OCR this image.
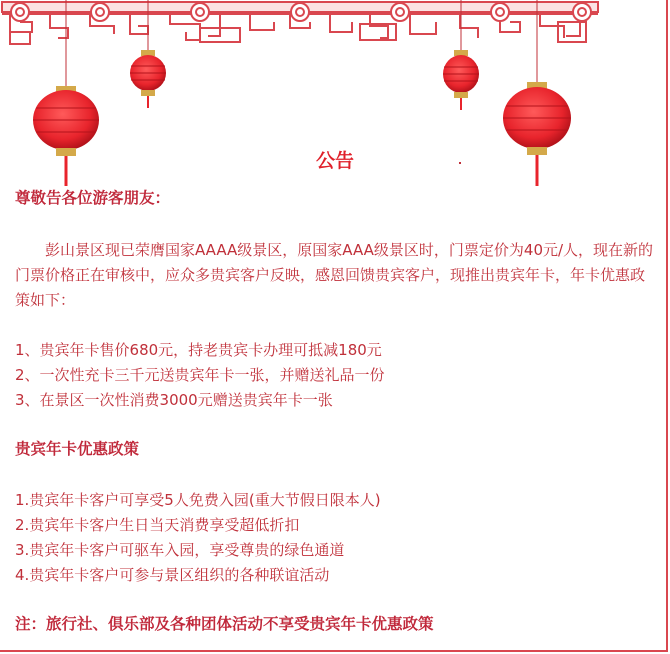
公告
尊敬告各位游客朋友：
彭山景区现已荣膺国家AAAA级景区，原国家AAA级景区时，门票定价为40元/人，现在新的门票价格正在审核中，应众多贵宾客户反映，感恩回馈贵宾客户，现推出贵宾年卡，年卡优惠政策如下：
1、贵宾年卡售价680元，持老贵宾卡办理可抵减180元
2、一次性充卡三千元送贵宾年卡一张，并赠送礼品一份
3、在景区一次性消费3000元赠送贵宾年卡一张
贵宾年卡优惠政策
1.贵宾年卡客户可享受5人免费入园(重大节假日限本人)
2.贵宾年卡客户生日当天消费享受超低折扣
3.贵宾年卡客户可驱车入园，享受尊贵的绿色通道
4.贵宾年卡客户可参与景区组织的各种联谊活动
注：旅行社、俱乐部及各种团体活动不享受贵宾年卡优惠政策
